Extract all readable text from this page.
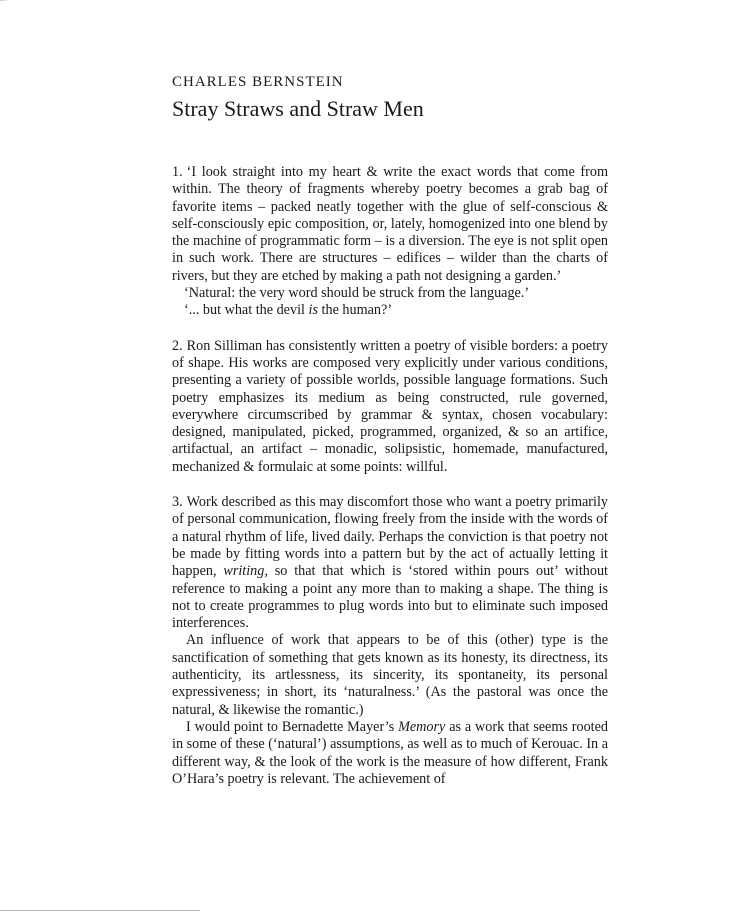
CHARLES BERNSTEIN

Stray Straws and Straw Men

1. ‘I look straight into my heart & write the exact words that come from within. The theory of fragments whereby poetry becomes a grab bag of favorite items – packed neatly together with the glue of self-conscious & self-consciously epic composition, or, lately, homogenized into one blend by the machine of programmatic form – is a diversion. The eye is not split open in such work. There are structures – edifices – wilder than the charts of rivers, but they are etched by making a path not designing a garden.’

‘Natural: the very word should be struck from the language.’

‘... but what the devil is the human?’

2. Ron Silliman has consistently written a poetry of visible borders: a poetry of shape. His works are composed very explicitly under various conditions, presenting a variety of possible worlds, possible language formations. Such poetry emphasizes its medium as being constructed, rule governed, everywhere circumscribed by grammar & syntax, chosen vocabulary: designed, manipulated, picked, programmed, organized, & so an artifice, artifactual, an artifact – monadic, solipsistic, homemade, manufactured, mechanized & formulaic at some points: willful.

3. Work described as this may discomfort those who want a poetry primarily of personal communication, flowing freely from the inside with the words of a natural rhythm of life, lived daily. Perhaps the conviction is that poetry not be made by fitting words into a pattern but by the act of actually letting it happen, writing, so that that which is ‘stored within pours out’ without reference to making a point any more than to making a shape. The thing is not to create programmes to plug words into but to eliminate such imposed interferences.

An influence of work that appears to be of this (other) type is the sanctification of something that gets known as its honesty, its directness, its authenticity, its artlessness, its sincerity, its spontaneity, its personal expressiveness; in short, its ‘naturalness.’ (As the pastoral was once the natural, & likewise the romantic.)

I would point to Bernadette Mayer’s Memory as a work that seems rooted in some of these (‘natural’) assumptions, as well as to much of Kerouac. In a different way, & the look of the work is the measure of how different, Frank O’Hara’s poetry is relevant. The achievement of
